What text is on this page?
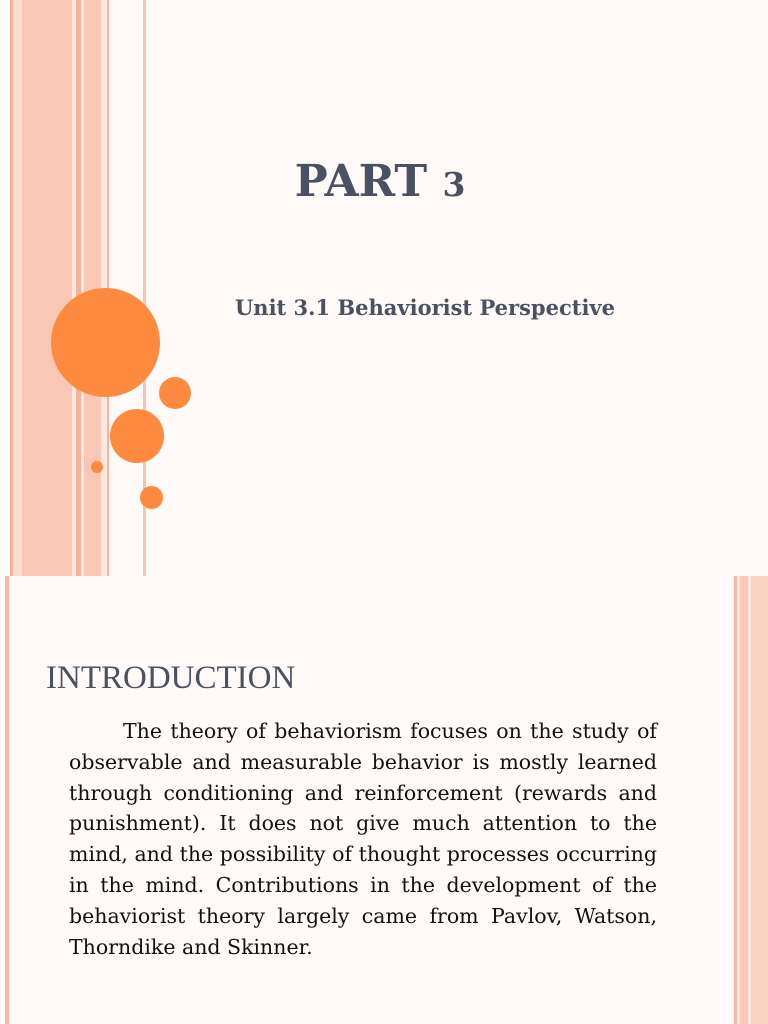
PART 3
Unit 3.1 Behaviorist Perspective
INTRODUCTION

The theory of behaviorism focuses on the study of observable and measurable behavior is mostly learned through conditioning and reinforcement (rewards and punishment). It does not give much attention to the mind, and the possibility of thought processes occurring in the mind. Contributions in the development of the behaviorist theory largely came from Pavlov, Watson, Thorndike and Skinner.
